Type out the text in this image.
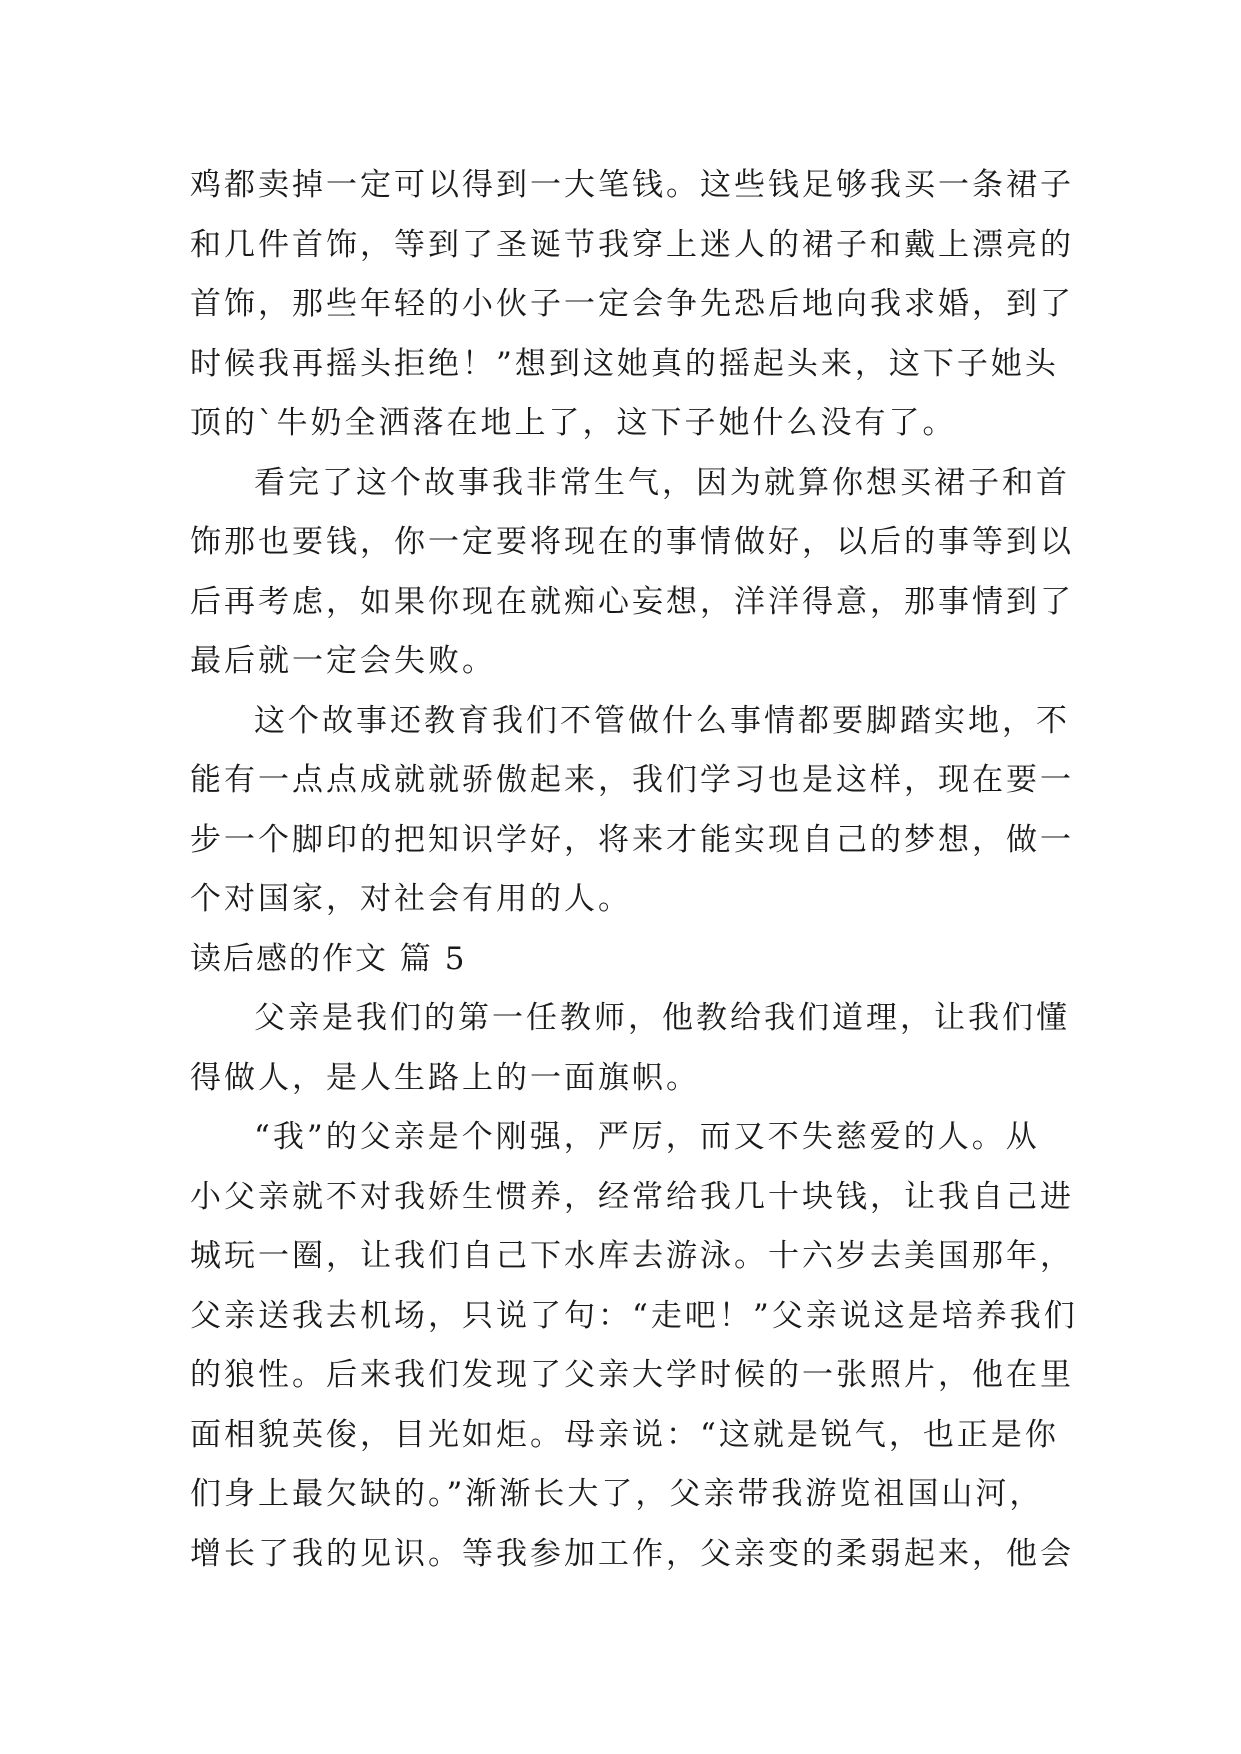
鸡都卖掉一定可以得到一大笔钱。这些钱足够我买一条裙子
和几件首饰，等到了圣诞节我穿上迷人的裙子和戴上漂亮的
首饰，那些年轻的小伙子一定会争先恐后地向我求婚，到了
时候我再摇头拒绝！”想到这她真的摇起头来，这下子她头
顶的`牛奶全洒落在地上了，这下子她什么没有了。
看完了这个故事我非常生气，因为就算你想买裙子和首
饰那也要钱，你一定要将现在的事情做好，以后的事等到以
后再考虑，如果你现在就痴心妄想，洋洋得意，那事情到了
最后就一定会失败。
这个故事还教育我们不管做什么事情都要脚踏实地，不
能有一点点成就就骄傲起来，我们学习也是这样，现在要一
步一个脚印的把知识学好，将来才能实现自己的梦想，做一
个对国家，对社会有用的人。
读后感的作文 篇 5
父亲是我们的第一任教师，他教给我们道理，让我们懂
得做人，是人生路上的一面旗帜。
“我”的父亲是个刚强，严厉，而又不失慈爱的人。从
小父亲就不对我娇生惯养，经常给我几十块钱，让我自己进
城玩一圈，让我们自己下水库去游泳。十六岁去美国那年，
父亲送我去机场，只说了句：“走吧！”父亲说这是培养我们
的狼性。后来我们发现了父亲大学时候的一张照片，他在里
面相貌英俊，目光如炬。母亲说：“这就是锐气，也正是你
们身上最欠缺的。”渐渐长大了，父亲带我游览祖国山河，
增长了我的见识。等我参加工作，父亲变的柔弱起来，他会
